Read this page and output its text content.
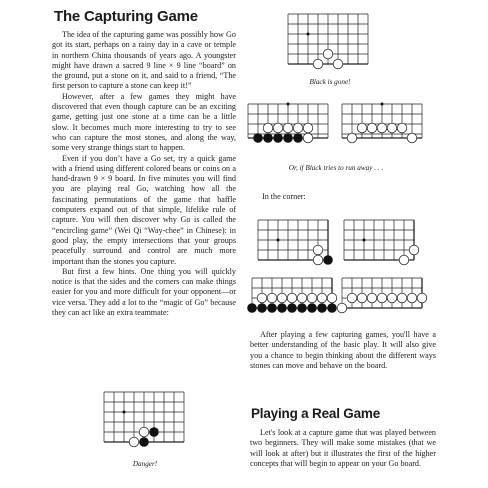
The Capturing Game

The idea of the capturing game was possibly how Go got its start, perhaps on a rainy day in a cave or temple in northern China thousands of years ago. A youngster might have drawn a sacred 9 line × 9 line “board” on the ground, put a stone on it, and said to a friend, “The first person to capture a stone can keep it!”

However, after a few games they might have discovered that even though capture can be an exciting game, getting just one stone at a time can be a little slow. It becomes much more interesting to try to see who can capture the most stones, and along the way, some very strange things start to happen.

Even if you don’t have a Go set, try a quick game with a friend using different colored beans or coins on a hand-drawn 9 × 9 board. In five minutes you will find you are playing real Go, watching how all the fascinating permutations of the game that baffle computers expand out of that simple, lifelike rule of capture. You will then discover why Go is called the “encircling game” (Wei Qi “Way-chee” in Chinese): in good play, the empty intersections that your groups peacefully surround and control are much more important than the stones you capture.

But first a few hints. One thing you will quickly notice is that the sides and the corners can make things easier for you and more difficult for your opponent—or vice versa. They add a lot to the “magic of Go” because they can act like an extra teammate:

Black is gone!
Or, if Black tries to run away . . .
In the corner:

After playing a few capturing games, you'll have a better understanding of the basic play. It will also give you a chance to begin thinking about the different ways stones can move and behave on the board.

Playing a Real Game

Let's look at a capture game that was played between two beginners. They will make some mistakes (that we will look at after) but it illustrates the first of the higher concepts that will begin to appear on your Go board.

Danger!
